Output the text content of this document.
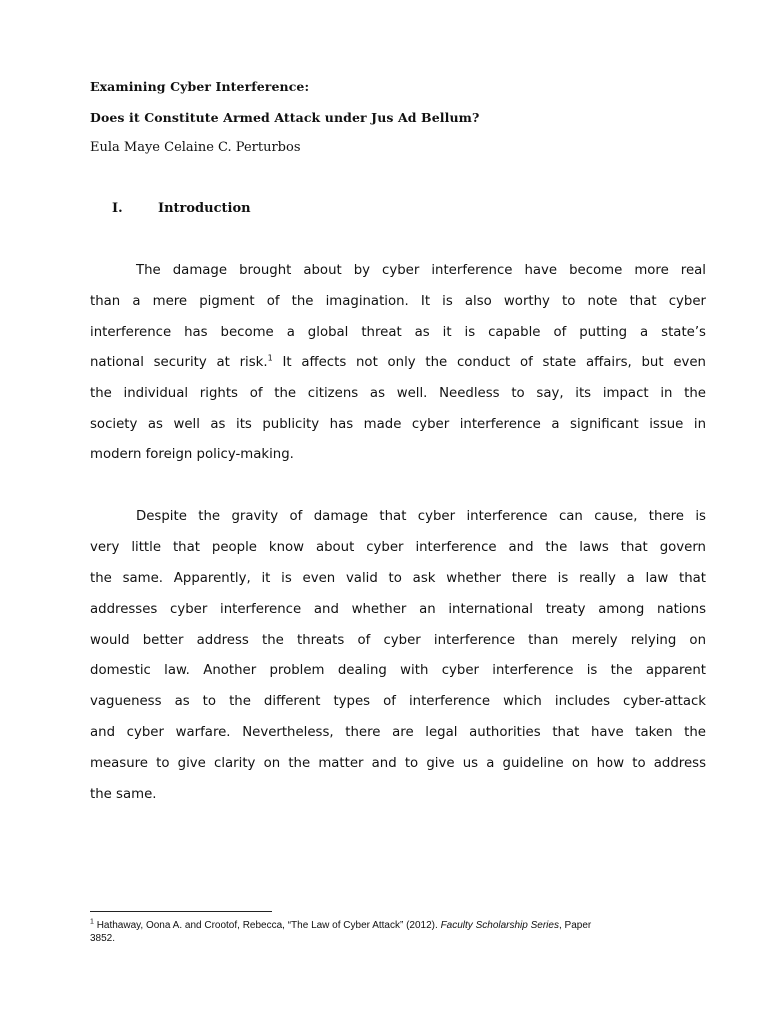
Examining Cyber Interference:
Does it Constitute Armed Attack under Jus Ad Bellum?
Eula Maye Celaine C. Perturbos
I.	Introduction
The damage brought about by cyber interference have become more real
than a mere pigment of the imagination. It is also worthy to note that cyber
interference has become a global threat as it is capable of putting a state’s
national security at risk.$^1$ It affects not only the conduct of state affairs, but even
the individual rights of the citizens as well. Needless to say, its impact in the
society as well as its publicity has made cyber interference a significant issue in
modern foreign policy-making.
Despite the gravity of damage that cyber interference can cause, there is
very little that people know about cyber interference and the laws that govern
the same. Apparently, it is even valid to ask whether there is really a law that
addresses cyber interference and whether an international treaty among nations
would better address the threats of cyber interference than merely relying on
domestic law. Another problem dealing with cyber interference is the apparent
vagueness as to the different types of interference which includes cyber-attack
and cyber warfare. Nevertheless, there are legal authorities that have taken the
measure to give clarity on the matter and to give us a guideline on how to address
the same.
$^1$ Hathaway, Oona A. and Crootof, Rebecca, “The Law of Cyber Attack” (2012). Faculty Scholarship Series, Paper
3852.
